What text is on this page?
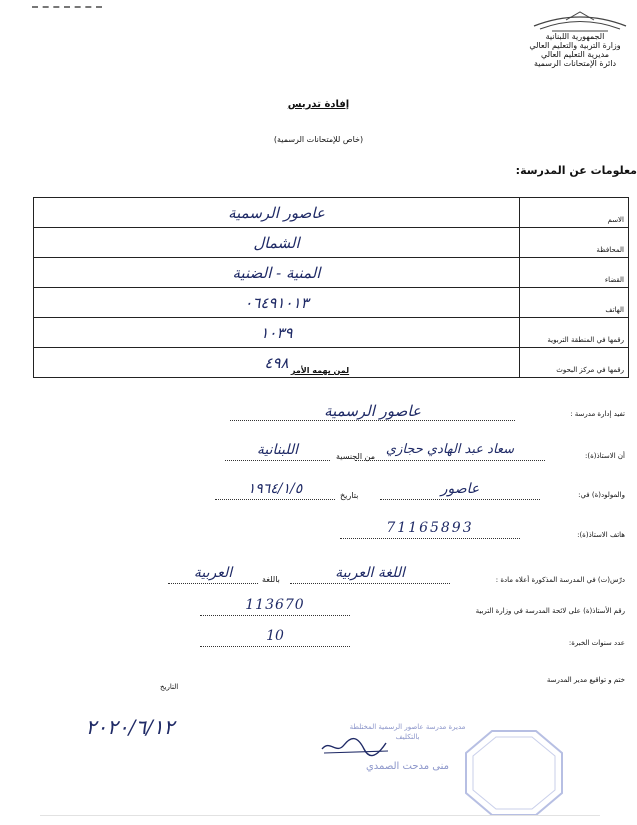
الجمهورية اللبنانية
وزارة التربية والتعليم العالي
مديرية التعليم العالي
دائرة الإمتحانات الرسمية
إفادة تدريس
(خاص للإمتحانات الرسمية)
معلومات عن المدرسة:
عاصور الرسمية	الاسم
الشمال	المحافظة
المنية - الضنية	القضاء
٠٦٤٩١٠١٣	الهاتف
١٠٣٩	رقمها في المنطقة التربوية
٤٩٨	رقمها في مركز البحوث
لمن يهمه الأمر
تفيد إدارة مدرسة :
عاصور الرسمية
أن الاستاذ(ة):
سعاد عبد الهادي حجازي
من الجنسية
اللبنانية
والمولود(ة) في:
عاصور
بتاريخ
١٩٦٤/١/٥
هاتف الاستاذ(ة):
71165893
درّس(ت) في المدرسة المذكورة أعلاه مادة :
اللغة العربية
باللغة
العربية
رقم الأستاذ(ة) على لائحة المدرسة في وزارة التربية
113670
عدد سنوات الخبرة:
10
ختم و تواقيع مدير المدرسة
التاريخ
٢٠٢٠/٦/١٢	مديرة مدرسة عاصور الرسمية المختلطة
بالتكليف
منى مدحت الصمدي
